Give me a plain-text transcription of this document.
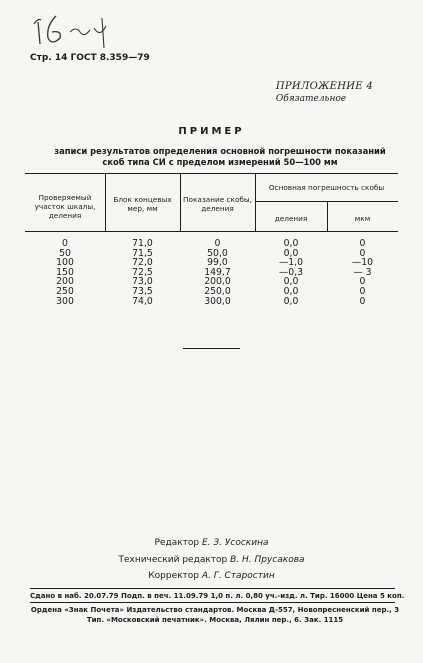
Стр. 14 ГОСТ 8.359—79
ПРИЛОЖЕНИЕ 4
Обязательное
ПРИМЕР
записи результатов определения основной погрешности показаний
скоб типа СИ с пределом измерений 50—100 мм
Проверяемый
участок шкалы,
деления
Блок концевых
мер, мм
Показание скобы,
деления
Основная погрешность скобы
деления	мкм
0	71,0	0	0,0	0
50	71,5	50,0	0,0	0
100	72,0	99,0	—1,0	—10
150	72,5	149,7	—0,3	— 3
200	73,0	200,0	0,0	0
250	73,5	250,0	0,0	0
300	74,0	300,0	0,0	0
Редактор Е. З. Усоскина
Технический редактор В. Н. Прусакова
Корректор А. Г. Старостин
Сдано в наб. 20.07.79 Подп. в печ. 11.09.79 1,0 п. л. 0,80 уч.-изд. л. Тир. 16000 Цена 5 коп.
Ордена «Знак Почета» Издательство стандартов. Москва Д-557, Новопресненский пер., 3
Тип. «Московский печатник». Москва, Лялин пер., 6. Зак. 1115
